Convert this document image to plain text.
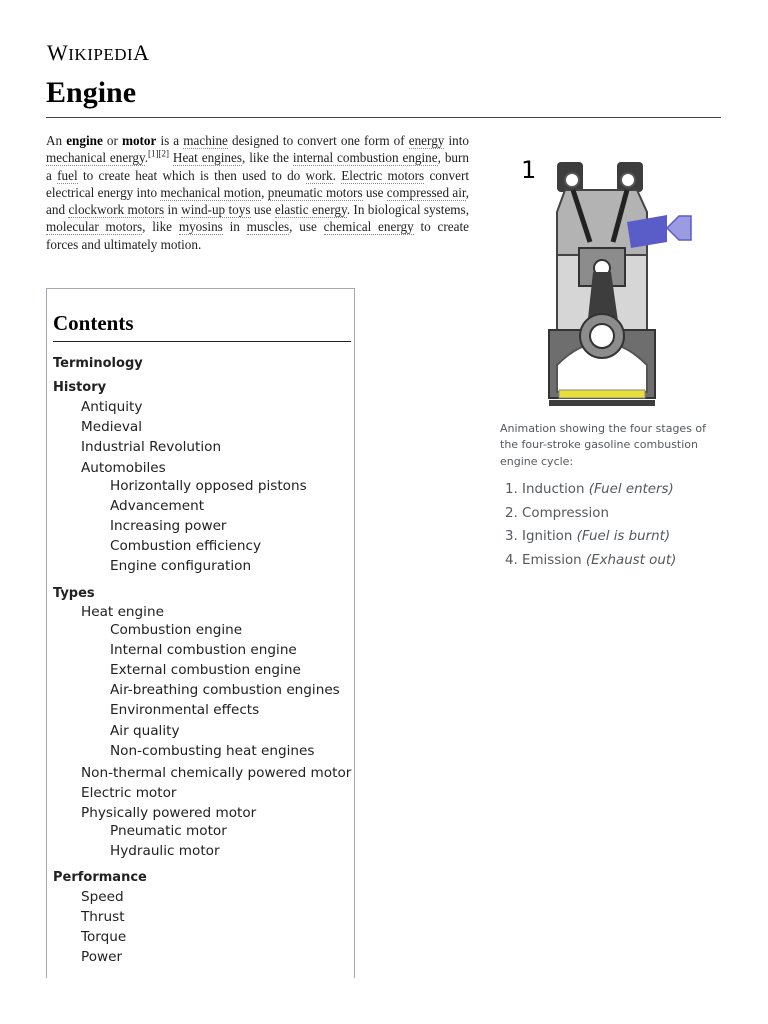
WIKIPEDIA
Engine

An engine or motor is a machine designed to convert one form of energy into mechanical energy.[1][2] Heat engines, like the internal combustion engine, burn a fuel to create heat which is then used to do work. Electric motors convert electrical energy into mechanical motion, pneumatic motors use compressed air, and clockwork motors in wind-up toys use elastic energy. In biological systems, molecular motors, like myosins in muscles, use chemical energy to create forces and ultimately motion.

Contents
Terminology
History
Antiquity
Medieval
Industrial Revolution
Automobiles
Horizontally opposed pistons
Advancement
Increasing power
Combustion efficiency
Engine configuration
Types
Heat engine
Combustion engine
Internal combustion engine
External combustion engine
Air-breathing combustion engines
Environmental effects
Air quality
Non-combusting heat engines
Non-thermal chemically powered motor
Electric motor
Physically powered motor
Pneumatic motor
Hydraulic motor
Performance
Speed
Thrust
Torque
Power
1

Animation showing the four stages of the four-stroke gasoline combustion engine cycle:

1. Induction (Fuel enters)
2. Compression
3. Ignition (Fuel is burnt)
4. Emission (Exhaust out)
